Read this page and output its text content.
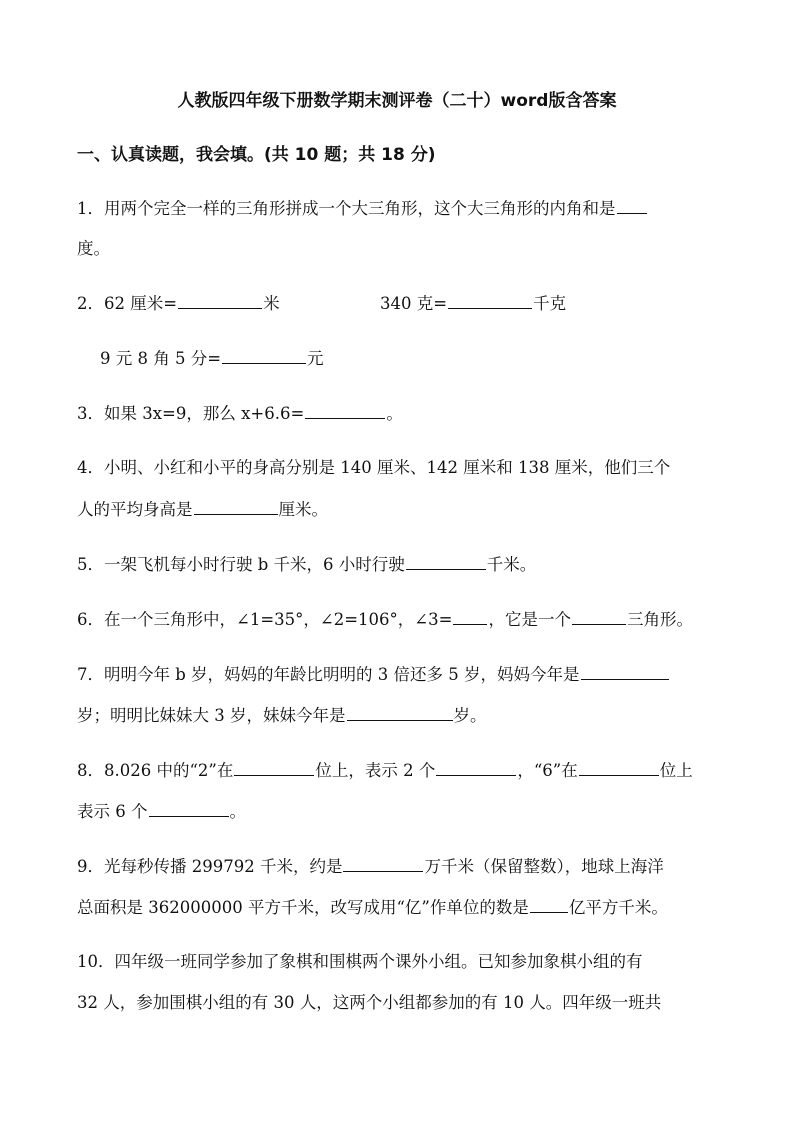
人教版四年级下册数学期末测评卷（二十）word版含答案
一、认真读题，我会填。(共 10 题；共 18 分)
1．用两个完全一样的三角形拼成一个大三角形，这个大三角形的内角和是
度。
2．62 厘米=	米	340 克=	千克
9 元 8 角 5 分=	元
3．如果 3x=9，那么 x+6.6=	。
4．小明、小红和小平的身高分别是 140 厘米、142 厘米和 138 厘米，他们三个
人的平均身高是	厘米。
5．一架飞机每小时行驶 b 千米，6 小时行驶	千米。
6．在一个三角形中，∠1=35°，∠2=106°，∠3= ，它是一个	三角形。
7．明明今年 b 岁，妈妈的年龄比明明的 3 倍还多 5 岁，妈妈今年是
岁；明明比妹妹大 3 岁，妹妹今年是	岁。
8．8.026 中的“2”在	位上，表示 2 个	，“6”在	位上
表示 6 个	。
9．光每秒传播 299792 千米，约是	万千米（保留整数），地球上海洋
总面积是 362000000 平方千米，改写成用“亿”作单位的数是 亿平方千米。
10．四年级一班同学参加了象棋和围棋两个课外小组。已知参加象棋小组的有
32 人，参加围棋小组的有 30 人，这两个小组都参加的有 10 人。四年级一班共
